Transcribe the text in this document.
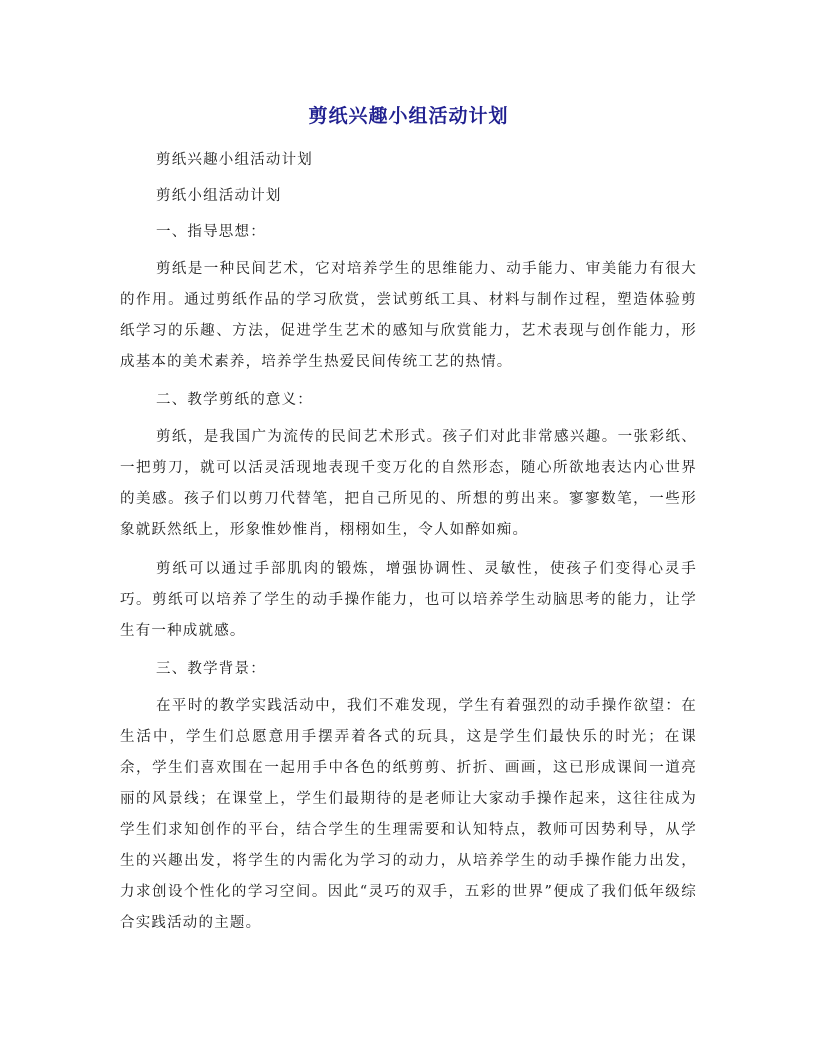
剪纸兴趣小组活动计划

剪纸兴趣小组活动计划

剪纸小组活动计划

一、指导思想：

剪纸是一种民间艺术，它对培养学生的思维能力、动手能力、审美能力有很大的作用。通过剪纸作品的学习欣赏，尝试剪纸工具、材料与制作过程，塑造体验剪纸学习的乐趣、方法，促进学生艺术的感知与欣赏能力，艺术表现与创作能力，形成基本的美术素养，培养学生热爱民间传统工艺的热情。

二、教学剪纸的意义：

剪纸，是我国广为流传的民间艺术形式。孩子们对此非常感兴趣。一张彩纸、一把剪刀，就可以活灵活现地表现千变万化的自然形态，随心所欲地表达内心世界的美感。孩子们以剪刀代替笔，把自己所见的、所想的剪出来。寥寥数笔，一些形象就跃然纸上，形象惟妙惟肖，栩栩如生，令人如醉如痴。

剪纸可以通过手部肌肉的锻炼，增强协调性、灵敏性，使孩子们变得心灵手巧。剪纸可以培养了学生的动手操作能力，也可以培养学生动脑思考的能力，让学生有一种成就感。

三、教学背景：

在平时的教学实践活动中，我们不难发现，学生有着强烈的动手操作欲望：在生活中，学生们总愿意用手摆弄着各式的玩具，这是学生们最快乐的时光；在课余，学生们喜欢围在一起用手中各色的纸剪剪、折折、画画，这已形成课间一道亮丽的风景线；在课堂上，学生们最期待的是老师让大家动手操作起来，这往往成为学生们求知创作的平台，结合学生的生理需要和认知特点，教师可因势利导，从学生的兴趣出发，将学生的内需化为学习的动力，从培养学生的动手操作能力出发，力求创设个性化的学习空间。因此“灵巧的双手，五彩的世界”便成了我们低年级综合实践活动的主题。
